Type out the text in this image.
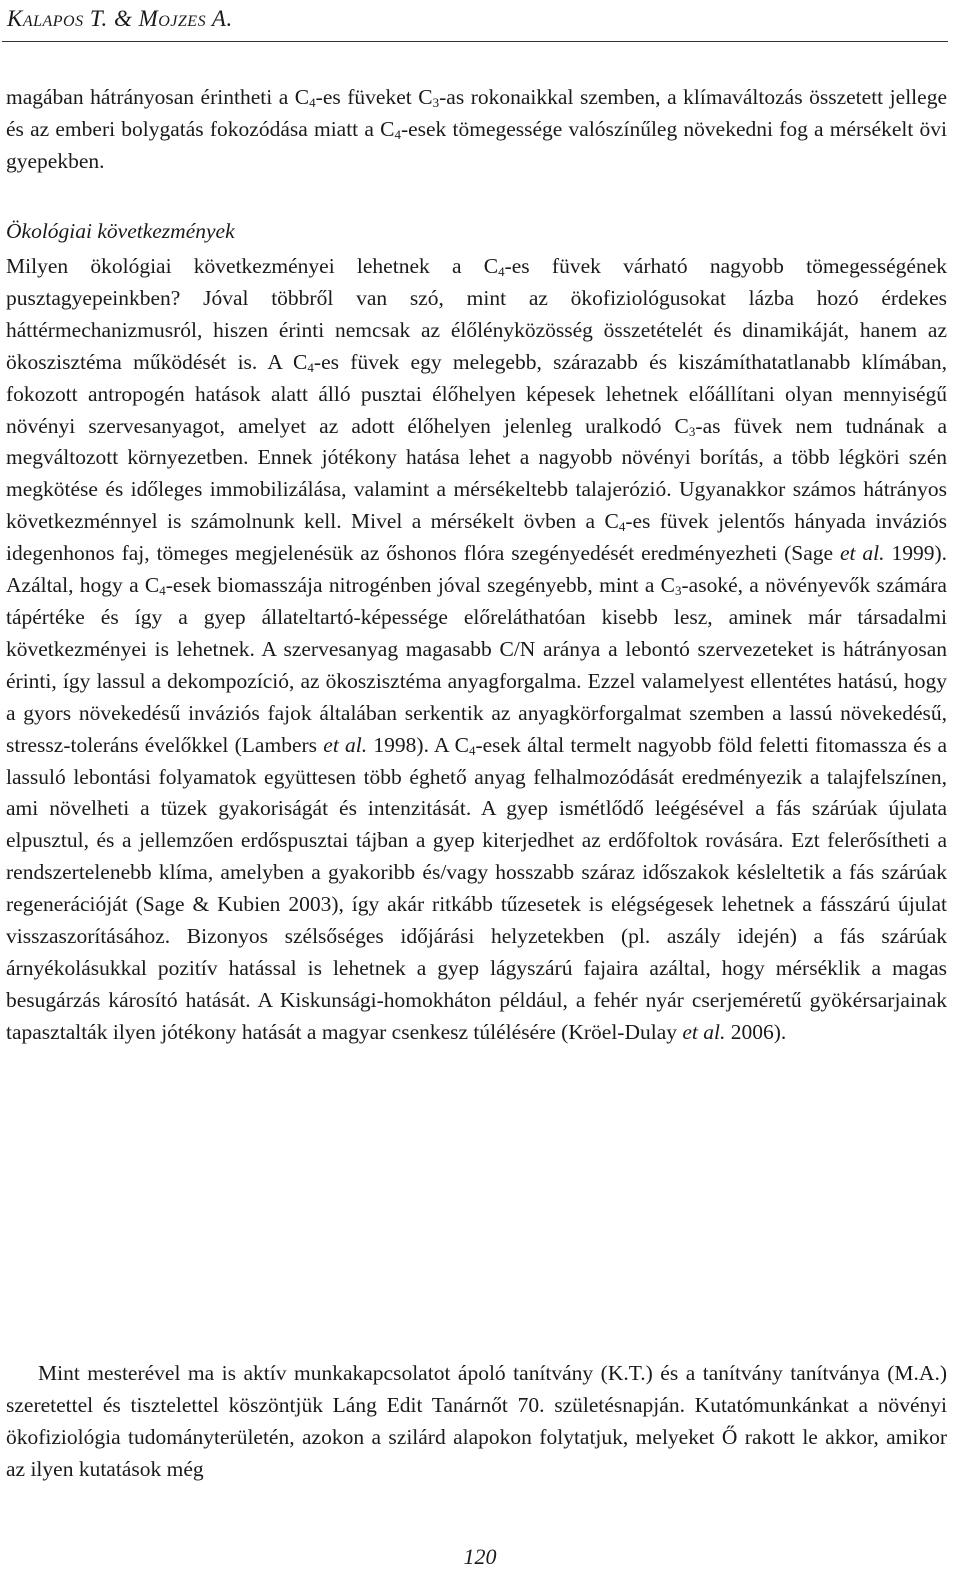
Kalapos T. & Mojzes A.

magában hátrányosan érintheti a $C_4-es$ füveket $C_3-as$ rokonaikkal szemben, a klímaváltozás összetett jellege és az emberi bolygatás fokozódása miatt a $C_4$-esek tömegessége valószínűleg növekedni fog a mérsékelt övi gyepekben.

Ökológiai következmények

Milyen ökológiai következményei lehetnek a $C_4-es$ füvek várható nagyobb tömegességének pusztagyepeinkben? Jóval többről van szó, mint az ökofiziológusokat lázba hozó érdekes háttérmechanizmusról, hiszen érinti nemcsak az élőlényközösség összetételét és dinamikáját, hanem az ökoszisztéma működését is. A $C_4-es$ füvek egy melegebb, szárazabb és kiszámíthatatlanabb klímában, fokozott antropogén hatások alatt álló pusztai élőhelyen képesek lehetnek előállítani olyan mennyiségű növényi szervesanyagot, amelyet az adott élőhelyen jelenleg uralkodó $C_3-as$ füvek nem tudnának a megváltozott környezetben. Ennek jótékony hatása lehet a nagyobb növényi borítás, a több légköri szén megkötése és időleges immobilizálása, valamint a mérsékeltebb talajerózió. Ugyanakkor számos hátrányos következménnyel is számolnunk kell. Mivel a mérsékelt övben a $C_4-es$ füvek jelentős hányada inváziós idegenhonos faj, tömeges megjelenésük az őshonos flóra szegényedését eredményezheti (Sage et al. 1999). Azáltal, hogy a $C_4$-esek biomasszája nitrogénben jóval szegényebb, mint a $C_3$-asoké, a növényevők számára tápértéke és így a gyep állateltartó-képessége előreláthatóan kisebb lesz, aminek már társadalmi következményei is lehetnek. A szervesanyag magasabb C/N aránya a lebontó szervezeteket is hátrányosan érinti, így lassul a dekompozíció, az ökoszisztéma anyagforgalma. Ezzel valamelyest ellentétes hatású, hogy a gyors növekedésű inváziós fajok általában serkentik az anyagkörforgalmat szemben a lassú növekedésű, stressz-toleráns évelőkkel (Lambers et al. 1998). A $C_4$-esek által termelt nagyobb föld feletti fitomassza és a lassuló lebontási folyamatok együttesen több éghető anyag felhalmozódását eredményezik a talajfelszínen, ami növelheti a tüzek gyakoriságát és intenzitását. A gyep ismétlődő leégésével a fás szárúak újulata elpusztul, és a jellemzően erdőspusztai tájban a gyep kiterjedhet az erdőfoltok rovására. Ezt felerősítheti a rendszertelenebb klíma, amelyben a gyakoribb és/vagy hosszabb száraz időszakok késleltetik a fás szárúak regenerációját (Sage & Kubien 2003), így akár ritkább tűzesetek is elégségesek lehetnek a fásszárú újulat visszaszorításához. Bizonyos szélsőséges időjárási helyzetekben (pl. aszály idején) a fás szárúak árnyékolásukkal pozitív hatással is lehetnek a gyep lágyszárú fajaira azáltal, hogy mérséklik a magas besugárzás károsító hatását. A Kiskunsági-homokháton például, a fehér nyár cserjeméretű gyökérsarjainak tapasztalták ilyen jótékony hatását a magyar csenkesz túlélésére (Kröel-Dulay et al. 2006).

Mint mesterével ma is aktív munkakapcsolatot ápoló tanítvány (K.T.) és a tanítvány tanítványa (M.A.) szeretettel és tisztelettel köszöntjük Láng Edit Tanárnőt 70. születésnapján. Kutatómunkánkat a növényi ökofiziológia tudományterületén, azokon a szilárd alapokon folytatjuk, melyeket Ő rakott le akkor, amikor az ilyen kutatások még

120
